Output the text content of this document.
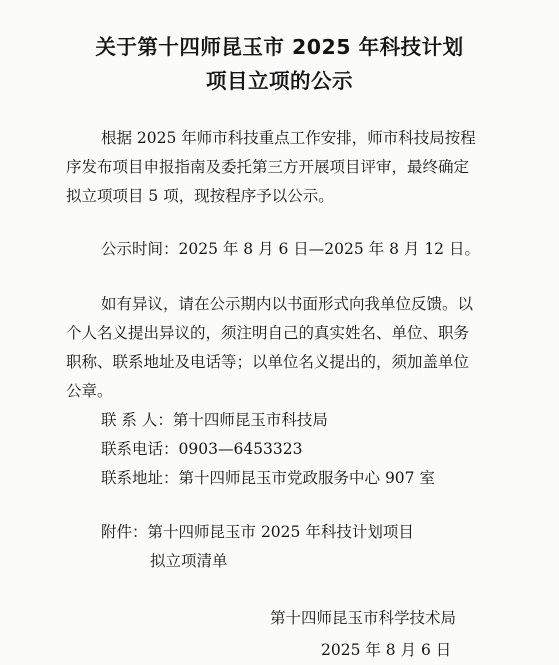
关于第十四师昆玉市 2025 年科技计划
项目立项的公示
根据 2025 年师市科技重点工作安排，师市科技局按程
序发布项目申报指南及委托第三方开展项目评审，最终确定
拟立项项目 5 项，现按程序予以公示。
公示时间：2025 年 8 月 6 日—2025 年 8 月 12 日。
如有异议，请在公示期内以书面形式向我单位反馈。以
个人名义提出异议的，须注明自己的真实姓名、单位、职务
职称、联系地址及电话等；以单位名义提出的，须加盖单位
公章。
联 系 人：第十四师昆玉市科技局
联系电话：0903—6453323
联系地址：第十四师昆玉市党政服务中心 907 室
附件：第十四师昆玉市 2025 年科技计划项目
拟立项清单
第十四师昆玉市科学技术局
2025 年 8 月 6 日
